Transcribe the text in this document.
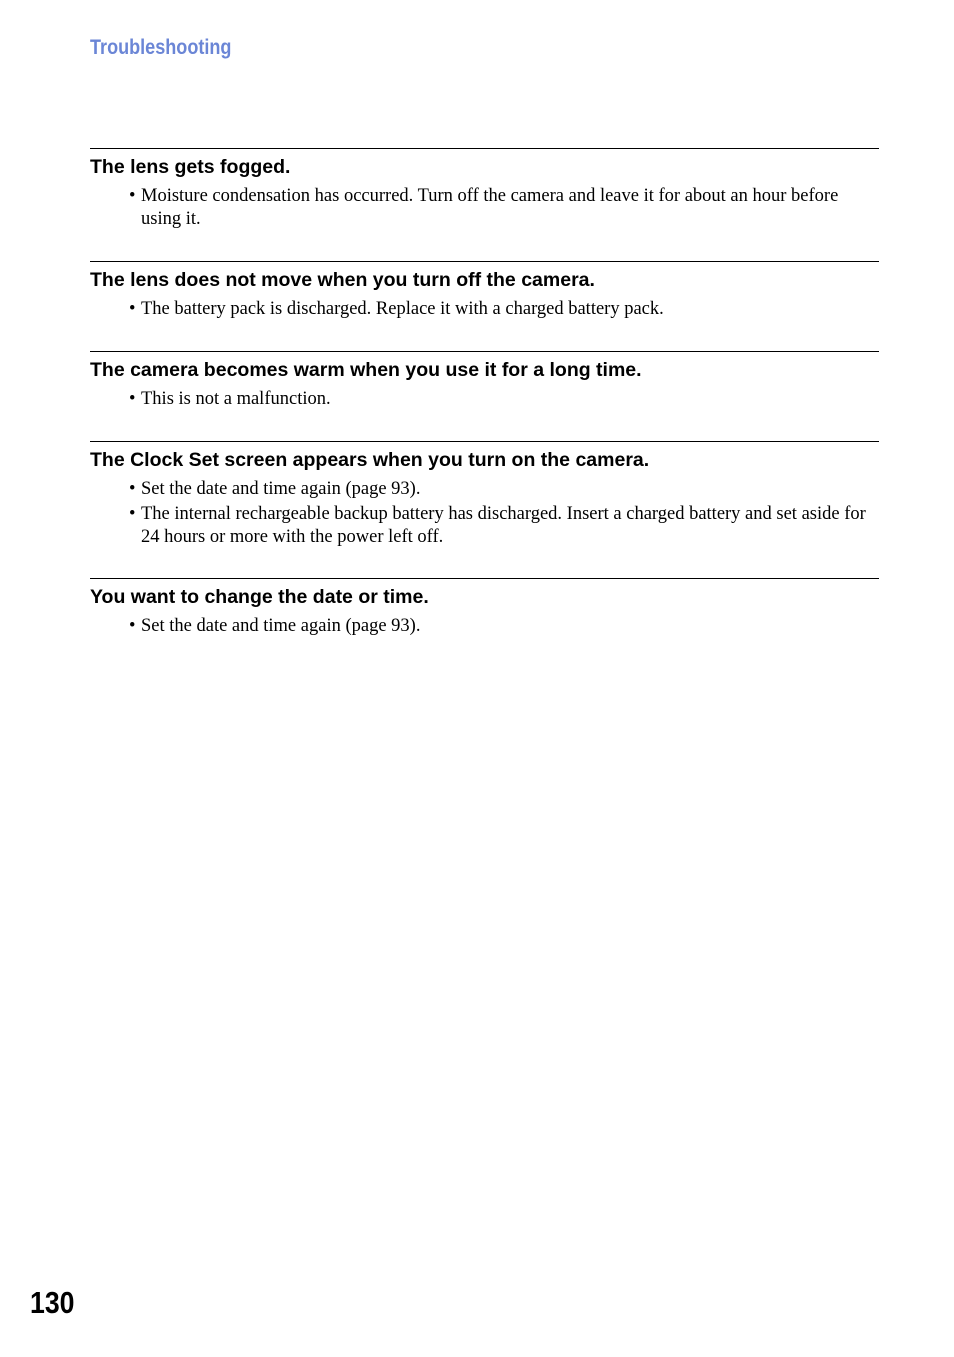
Troubleshooting
The lens gets fogged.
• Moisture condensation has occurred. Turn off the camera and leave it for about an hour before using it.
The lens does not move when you turn off the camera.
• The battery pack is discharged. Replace it with a charged battery pack.
The camera becomes warm when you use it for a long time.
• This is not a malfunction.
The Clock Set screen appears when you turn on the camera.
• Set the date and time again (page 93).
• The internal rechargeable backup battery has discharged. Insert a charged battery and set aside for 24 hours or more with the power left off.
You want to change the date or time.
• Set the date and time again (page 93).
130
